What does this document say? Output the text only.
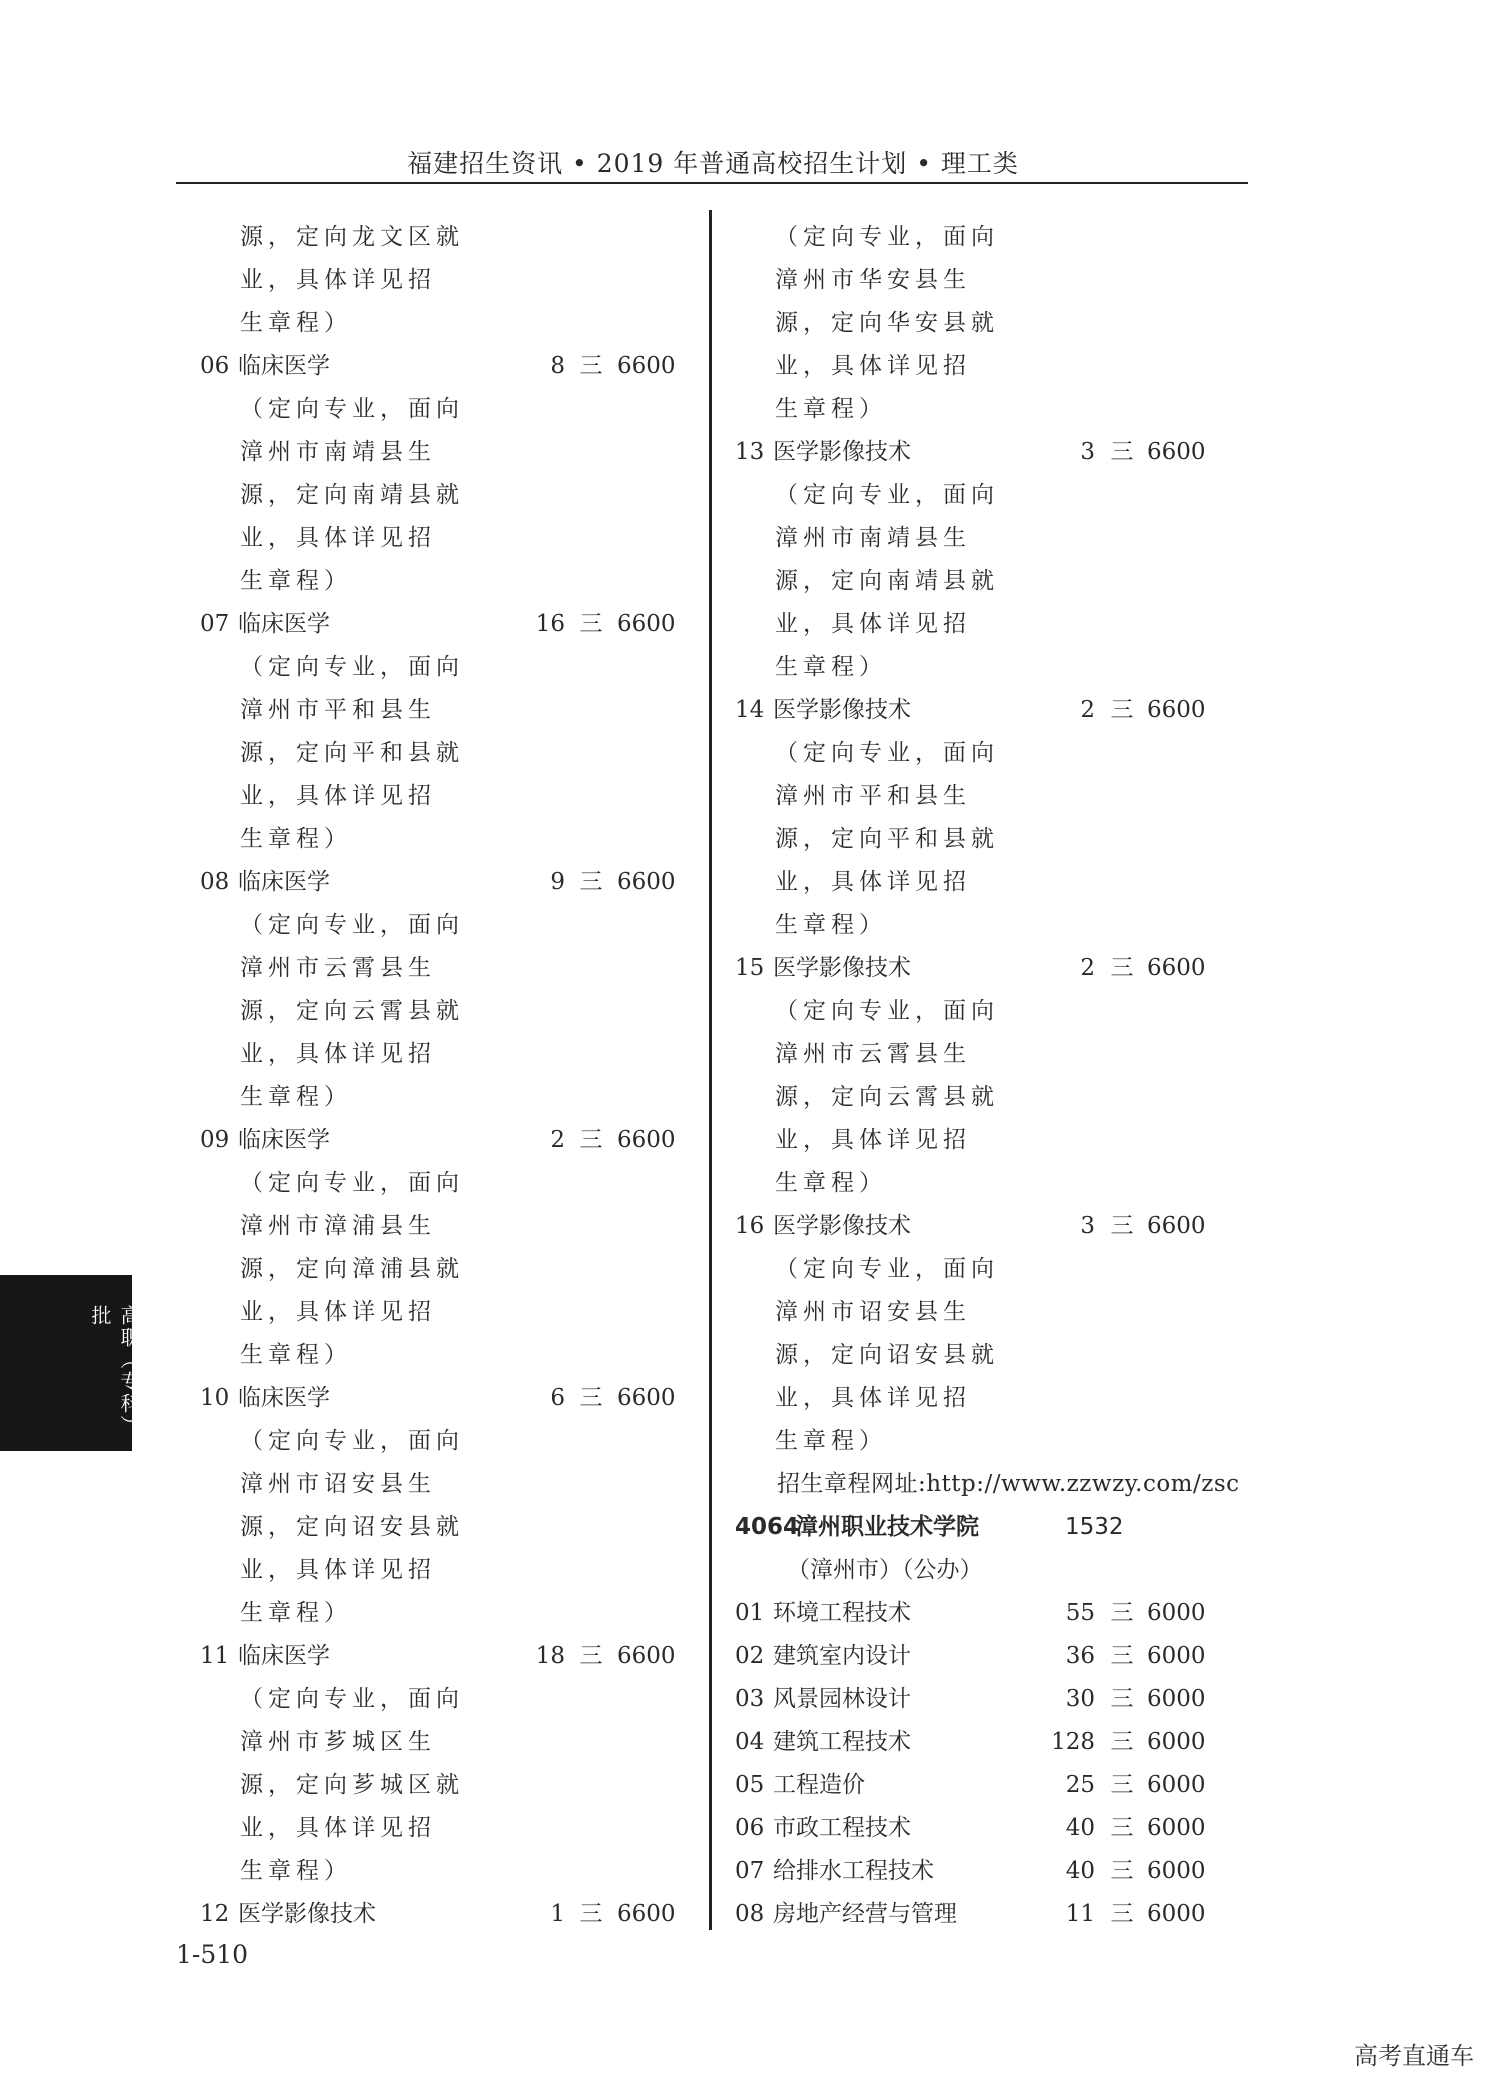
福建招生资讯 • 2019 年普通高校招生计划 • 理工类
源，定向龙文区就
业，具体详见招
生章程）
06 临床医学	8 三 6600
（定向专业，面向
漳州市南靖县生
源，定向南靖县就
业，具体详见招
生章程）
07 临床医学	16 三 6600
（定向专业，面向
漳州市平和县生
源，定向平和县就
业，具体详见招
生章程）
08 临床医学	9 三 6600
（定向专业，面向
漳州市云霄县生
源，定向云霄县就
业，具体详见招
生章程）
09 临床医学	2 三 6600
（定向专业，面向
漳州市漳浦县生
源，定向漳浦县就
业，具体详见招
生章程）
10 临床医学	6 三 6600
（定向专业，面向
漳州市诏安县生
源，定向诏安县就
业，具体详见招
生章程）
11 临床医学	18 三 6600
（定向专业，面向
漳州市芗城区生
源，定向芗城区就
业，具体详见招
生章程）
12 医学影像技术	1 三 6600
（定向专业，面向
漳州市华安县生
源，定向华安县就
业，具体详见招
生章程）
13 医学影像技术	3 三 6600
（定向专业，面向
漳州市南靖县生
源，定向南靖县就
业，具体详见招
生章程）
14 医学影像技术	2 三 6600
（定向专业，面向
漳州市平和县生
源，定向平和县就
业，具体详见招
生章程）
15 医学影像技术	2 三 6600
（定向专业，面向
漳州市云霄县生
源，定向云霄县就
业，具体详见招
生章程）
16 医学影像技术	3 三 6600
（定向专业，面向
漳州市诏安县生
源，定向诏安县就
业，具体详见招
生章程）
招生章程网址:http://www.zzwzy.com/zsc
4064漳州职业技术学院	1532
（漳州市）（公办）
01 环境工程技术	55 三 6000
02 建筑室内设计	36 三 6000
03 风景园林设计	30 三 6000
04 建筑工程技术	128 三 6000
05 工程造价	25 三 6000
06 市政工程技术	40 三 6000
07 给排水工程技术	40 三 6000
08 房地产经营与管理	11 三 6000
高职（专科）批
1-510
高考直通车
